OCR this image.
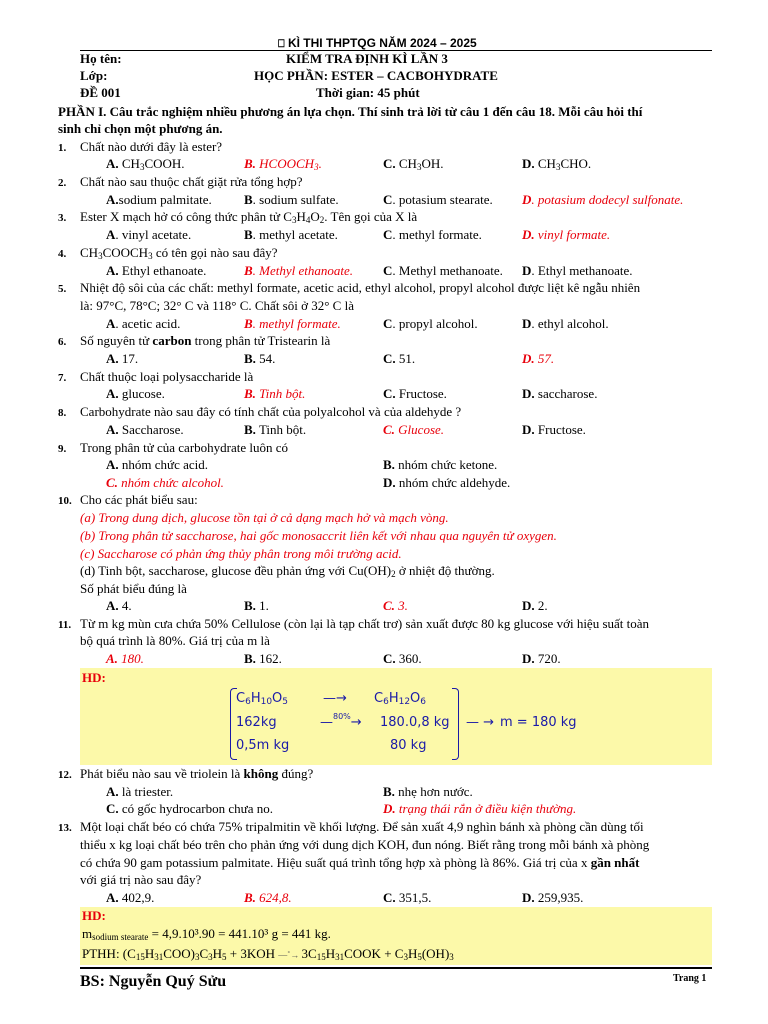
⎕ KÌ THI THPTQG NĂM 2024 – 2025
Họ tên:	KIỂM TRA ĐỊNH KÌ LẦN 3
Lớp:	HỌC PHẦN: ESTER – CACBOHYDRATE
ĐỀ 001	Thời gian: 45 phút
PHẦN I. Câu trắc nghiệm nhiều phương án lựa chọn. Thí sinh trả lời từ câu 1 đến câu 18. Mỗi câu hỏi thí
sinh chỉ chọn một phương án.
1. Chất nào dưới đây là ester?
A. $CH_3COOH$.	B. $HCOOCH_3$.	C. $CH_3OH$.	D. $CH_3CHO$.
2. Chất nào sau thuộc chất giặt rửa tổng hợp?
A.sodium palmitate. B. sodium sulfate.	C. potasium stearate. D. potasium dodecyl sulfonate.
3. Ester X mạch hở có công thức phân tử $C_3H_4O_2$. Tên gọi của X là
A. vinyl acetate.	B. methyl acetate.	C. methyl formate.	D. vinyl formate.
4. $CH_3COOCH_3$ có tên gọi nào sau đây?
A. Ethyl ethanoate.	B. Methyl ethanoate. C. Methyl methanoate. D. Ethyl methanoate.
5. Nhiệt độ sôi của các chất: methyl formate, acetic acid, ethyl alcohol, propyl alcohol được liệt kê ngẫu nhiên
là: 97°C, 78°C; 32° C và 118° C. Chất sôi ở 32° C là
A. acetic acid.	B. methyl formate.	C. propyl alcohol.	D. ethyl alcohol.
6. Số nguyên tử carbon trong phân tử Tristearin là
A. 17.	B. 54.	C. 51.	D. 57.
7. Chất thuộc loại polysaccharide là
A. glucose.	B. Tinh bột.	C. Fructose.	D. saccharose.
8. Carbohydrate nào sau đây có tính chất của polyalcohol và của aldehyde ?
A. Saccharose.	B. Tinh bột.	C. Glucose.	D. Fructose.
9. Trong phân tử của carbohydrate luôn có
A. nhóm chức acid.	B. nhóm chức ketone.
C. nhóm chức alcohol.	D. nhóm chức aldehyde.
10. Cho các phát biểu sau:
(a) Trong dung dịch, glucose tồn tại ở cả dạng mạch hở và mạch vòng.
(b) Trong phân tử saccharose, hai gốc monosaccrit liên kết với nhau qua nguyên tử oxygen.
(c) Saccharose có phản ứng thủy phân trong môi trường acid.
(d) Tinh bột, saccharose, glucose đều phản ứng với $Cu(OH)_2$ ở nhiệt độ thường.
Số phát biểu đúng là
A. 4.	B. 1.	C. 3.	D. 2.
11. Từ m kg mùn cưa chứa 50% Cellulose (còn lại là tạp chất trơ) sản xuất được 80 kg glucose với hiệu suất toàn
bộ quá trình là 80%. Giá trị của m là
A. 180.	B. 162.	C. 360.	D. 720.
HD:
$C_6H_{10}O_5$	—→ $C_6H_{12}O_6$
162kg	—$^{80\%}$→ 180.0,8 kg
0,5m kg	80 kg
— → m = 180 kg
12. Phát biểu nào sau về triolein là không đúng?
A. là triester.	B. nhẹ hơn nước.
C. có gốc hydrocarbon chưa no.	D. trạng thái rắn ở điều kiện thường.
13. Một loại chất béo có chứa 75% tripalmitin về khối lượng. Để sản xuất 4,9 nghìn bánh xà phòng cần dùng tối
thiểu x kg loại chất béo trên cho phản ứng với dung dịch KOH, đun nóng. Biết rằng trong mỗi bánh xà phòng
có chứa 90 gam potassium palmitate. Hiệu suất quá trình tổng hợp xà phòng là 86%. Giá trị của x gần nhất
với giá trị nào sau đây?
A. 402,9.	B. 624,8.	C. 351,5.	D. 259,935.
HD:
$m_{sodium stearate} = 4,9.10^3.90 = 441.10^3$ g = 441 kg.
PTHH: $(C_{15}H_{31}COO)_3C_3H_5 + 3KOH$ —˚→ $3C_{15}H_{31}COOK + C_3H_5(OH)_3$
BS: Nguyễn Quý Sửu	Trang 1
